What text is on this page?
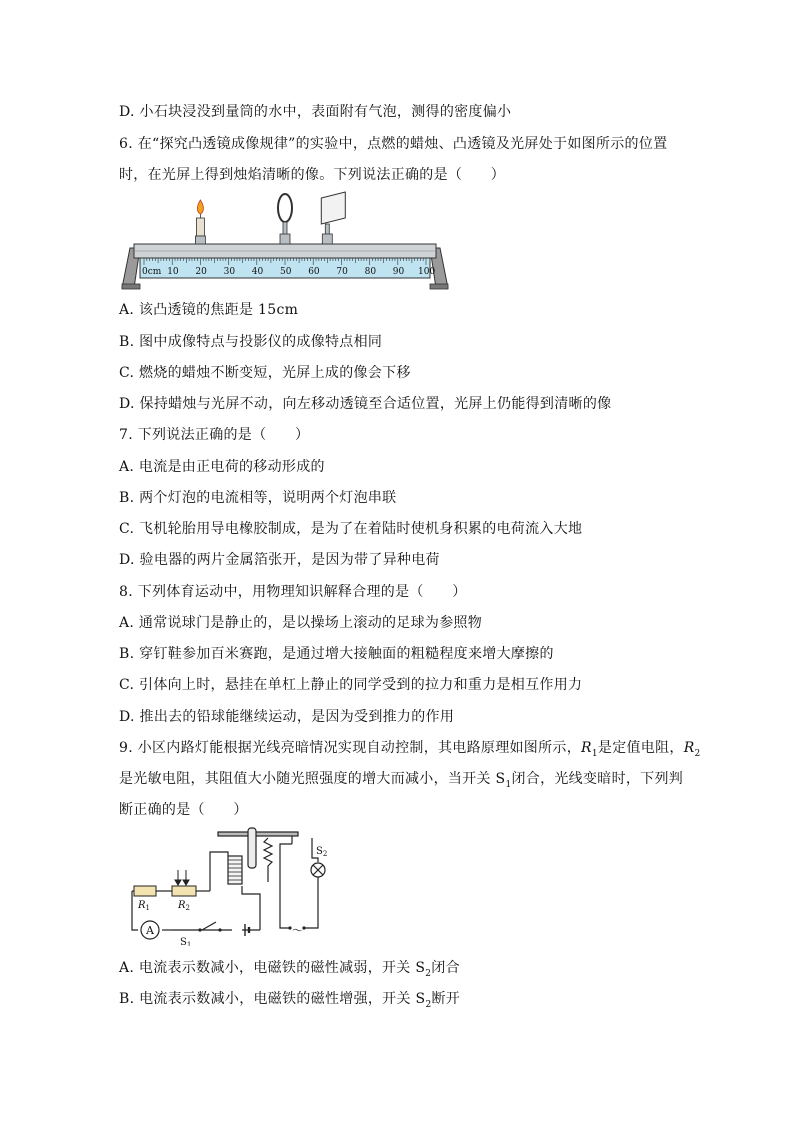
D. 小石块浸没到量筒的水中，表面附有气泡，测得的密度偏小
6. 在“探究凸透镜成像规律”的实验中，点燃的蜡烛、凸透镜及光屏处于如图所示的位置
时，在光屏上得到烛焰清晰的像。下列说法正确的是（　　）
0cm 10 20 30 40 50 60 70 80 90 100
A. 该凸透镜的焦距是 15cm
B. 图中成像特点与投影仪的成像特点相同
C. 燃烧的蜡烛不断变短，光屏上成的像会下移
D. 保持蜡烛与光屏不动，向左移动透镜至合适位置，光屏上仍能得到清晰的像
7. 下列说法正确的是（　　）
A. 电流是由正电荷的移动形成的
B. 两个灯泡的电流相等，说明两个灯泡串联
C. 飞机轮胎用导电橡胶制成，是为了在着陆时使机身积累的电荷流入大地
D. 验电器的两片金属箔张开，是因为带了异种电荷
8. 下列体育运动中，用物理知识解释合理的是（　　）
A. 通常说球门是静止的，是以操场上滚动的足球为参照物
B. 穿钉鞋参加百米赛跑，是通过增大接触面的粗糙程度来增大摩擦的
C. 引体向上时，悬挂在单杠上静止的同学受到的拉力和重力是相互作用力
D. 推出去的铅球能继续运动，是因为受到推力的作用
9. 小区内路灯能根据光线亮暗情况实现自动控制，其电路原理如图所示，$R_1$是定值电阻，$R_2$
是光敏电阻，其阻值大小随光照强度的增大而减小，当开关 $S_1$闭合，光线变暗时，下列判
断正确的是（　　）
A
$R_1$	$R_2$
$S_1$
$S_2$
～
A. 电流表示数减小，电磁铁的磁性减弱，开关 $S_2$闭合
B. 电流表示数减小，电磁铁的磁性增强，开关 $S_2$断开
